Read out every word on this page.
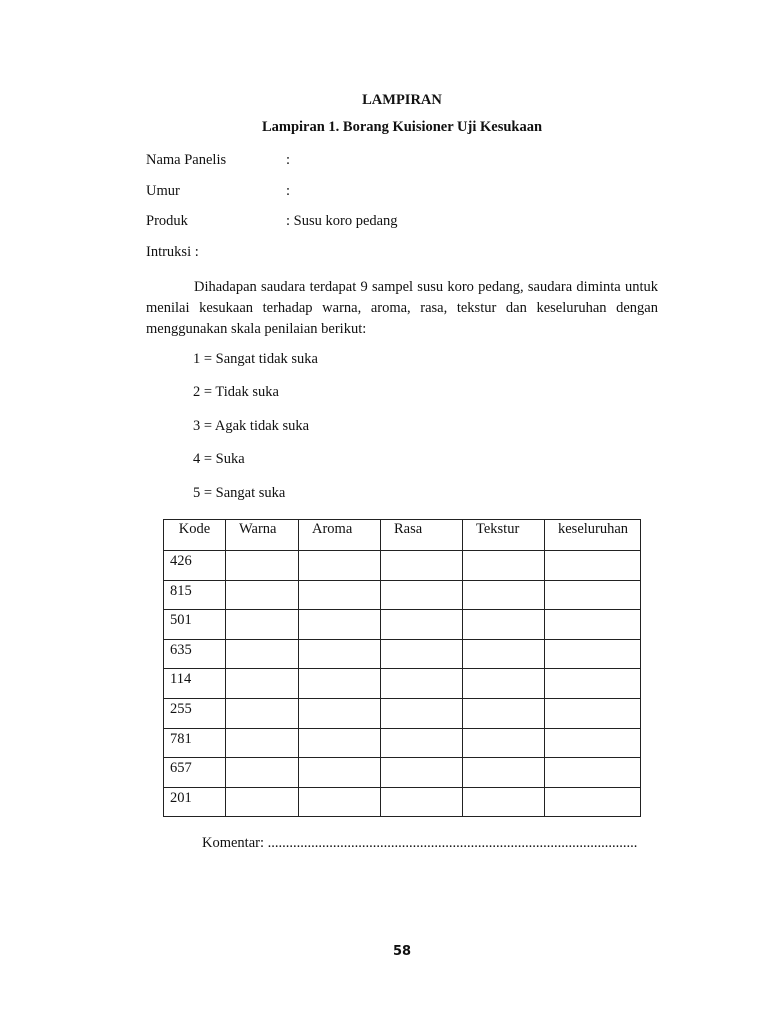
LAMPIRAN
Lampiran 1. Borang Kuisioner Uji Kesukaan
Nama Panelis	:
Umur	:
Produk	: Susu koro pedang
Intruksi :
Dihadapan saudara terdapat 9 sampel susu koro pedang, saudara diminta untuk menilai kesukaan terhadap warna, aroma, rasa, tekstur dan keseluruhan dengan menggunakan skala penilaian berikut:
1 = Sangat tidak suka
2 = Tidak suka
3 = Agak tidak suka
4 = Suka
5 = Sangat suka
Kode	Warna	Aroma	Rasa	Tekstur	keseluruhan
426					
815					
501					
635					
114					
255					
781					
657					
201					
Komentar: ......................................................................................................
58
